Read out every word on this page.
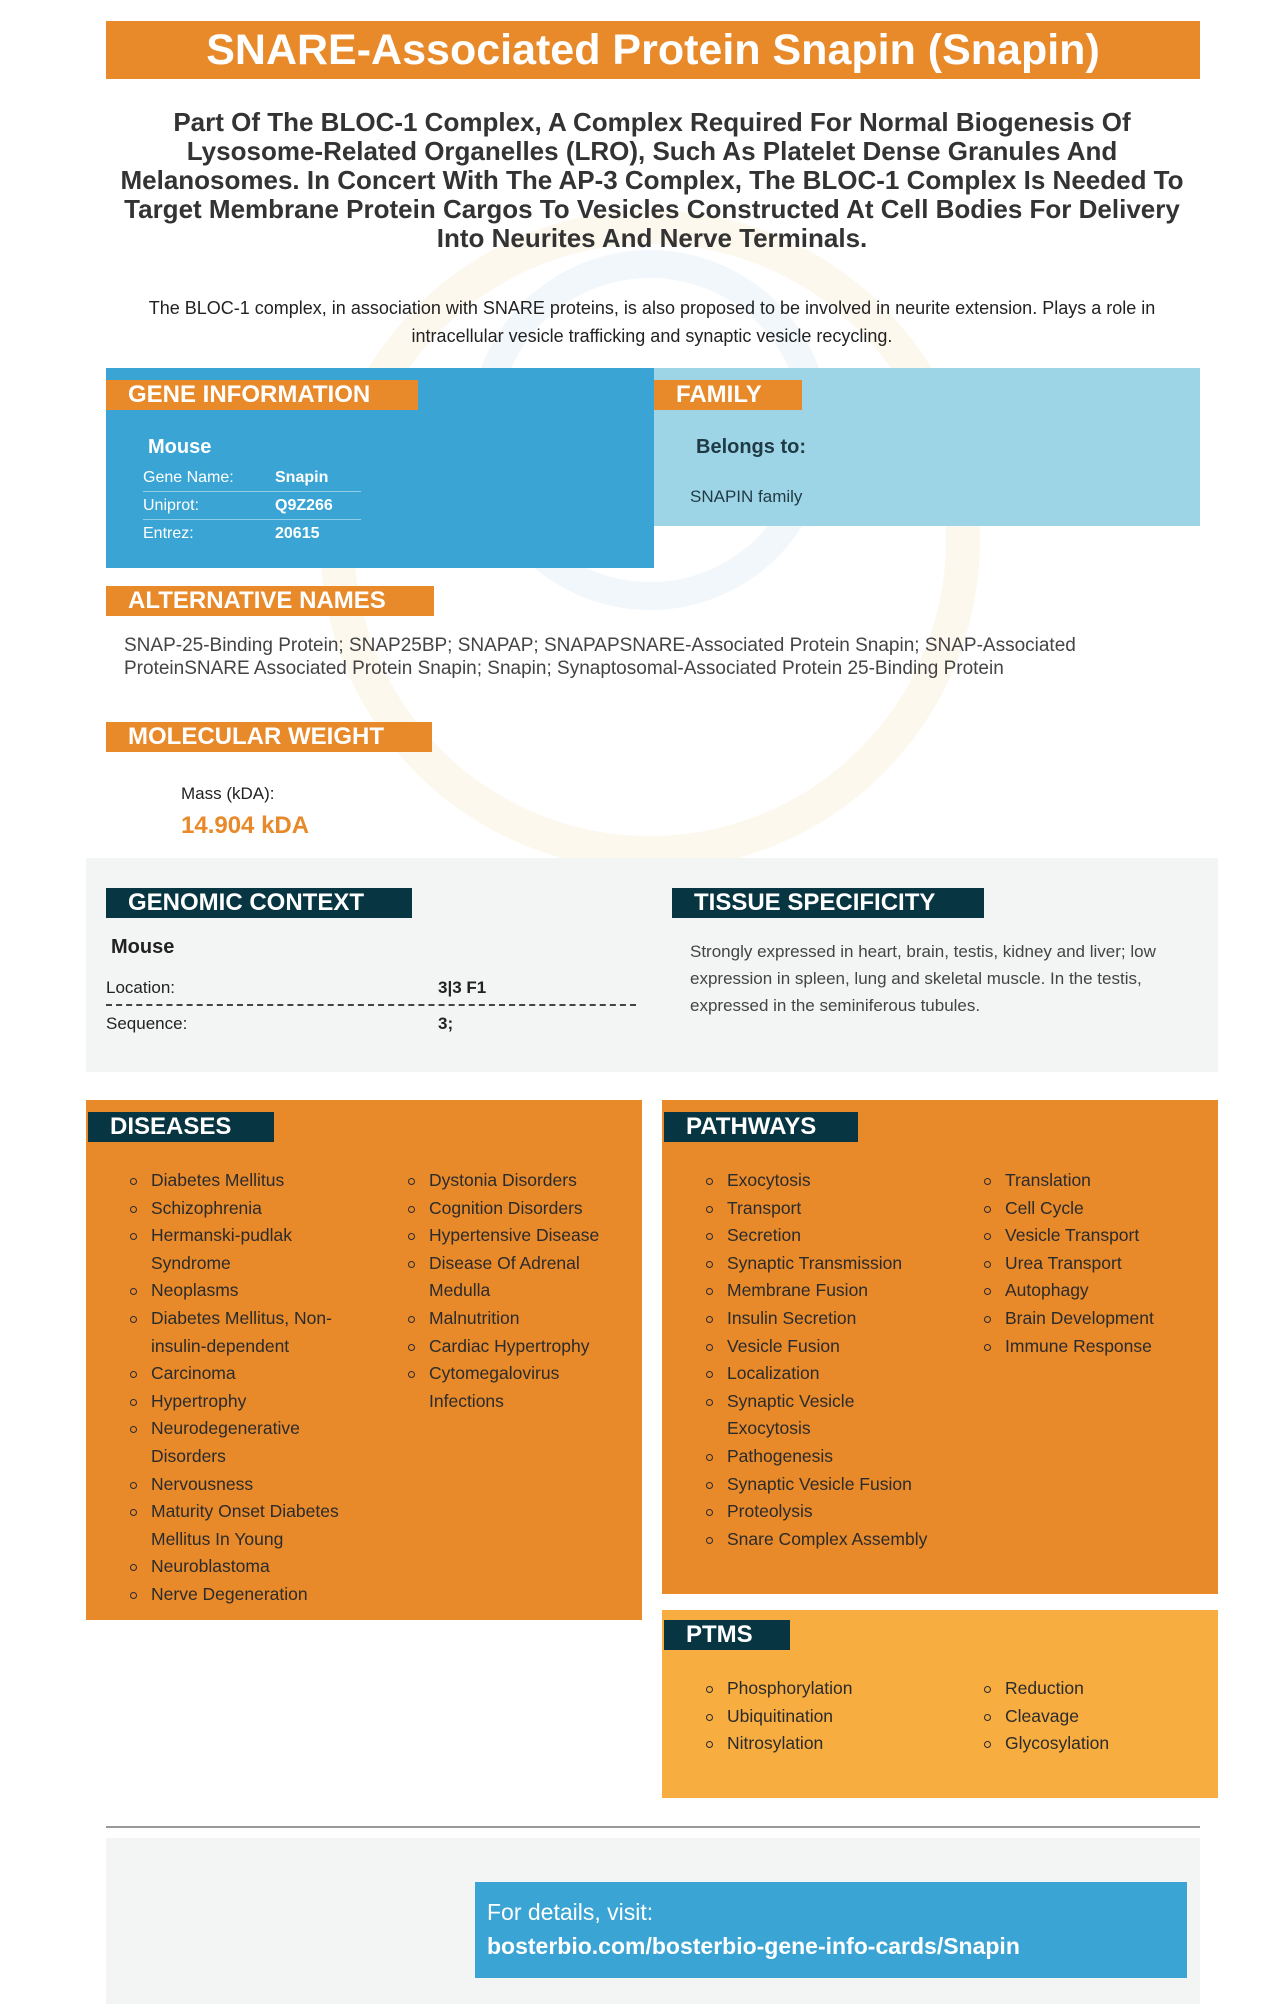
SNARE-Associated Protein Snapin (Snapin)
Part Of The BLOC-1 Complex, A Complex Required For Normal Biogenesis Of Lysosome-Related Organelles (LRO), Such As Platelet Dense Granules And Melanosomes. In Concert With The AP-3 Complex, The BLOC-1 Complex Is Needed To Target Membrane Protein Cargos To Vesicles Constructed At Cell Bodies For Delivery Into Neurites And Nerve Terminals.
The BLOC-1 complex, in association with SNARE proteins, is also proposed to be involved in neurite extension. Plays a role in intracellular vesicle trafficking and synaptic vesicle recycling.
GENE INFORMATION	FAMILY
Mouse
Gene Name:	Snapin
Uniprot:	Q9Z266
Entrez:	20615
Belongs to:
SNAPIN family
ALTERNATIVE NAMES
SNAP-25-Binding Protein; SNAP25BP; SNAPAP; SNAPAPSNARE-Associated Protein Snapin; SNAP-Associated ProteinSNARE Associated Protein Snapin; Snapin; Synaptosomal-Associated Protein 25-Binding Protein
MOLECULAR WEIGHT
Mass (kDA):
14.904 kDA
GENOMIC CONTEXT	TISSUE SPECIFICITY
Mouse
Location:	3|3 F1
Sequence:	3;
Strongly expressed in heart, brain, testis, kidney and liver; low expression in spleen, lung and skeletal muscle. In the testis, expressed in the seminiferous tubules.
DISEASES
Diabetes Mellitus
Schizophrenia
Hermanski-pudlak Syndrome
Neoplasms
Diabetes Mellitus, Non-insulin-dependent
Carcinoma
Hypertrophy
Neurodegenerative Disorders
Nervousness
Maturity Onset Diabetes Mellitus In Young
Neuroblastoma
Nerve Degeneration
Dystonia Disorders
Cognition Disorders
Hypertensive Disease
Disease Of Adrenal Medulla
Malnutrition
Cardiac Hypertrophy
Cytomegalovirus Infections
PATHWAYS
Exocytosis
Transport
Secretion
Synaptic Transmission
Membrane Fusion
Insulin Secretion
Vesicle Fusion
Localization
Synaptic Vesicle Exocytosis
Pathogenesis
Synaptic Vesicle Fusion
Proteolysis
Snare Complex Assembly
Translation
Cell Cycle
Vesicle Transport
Urea Transport
Autophagy
Brain Development
Immune Response
PTMS
Phosphorylation
Ubiquitination
Nitrosylation
Reduction
Cleavage
Glycosylation
For details, visit:
bosterbio.com/bosterbio-gene-info-cards/Snapin
